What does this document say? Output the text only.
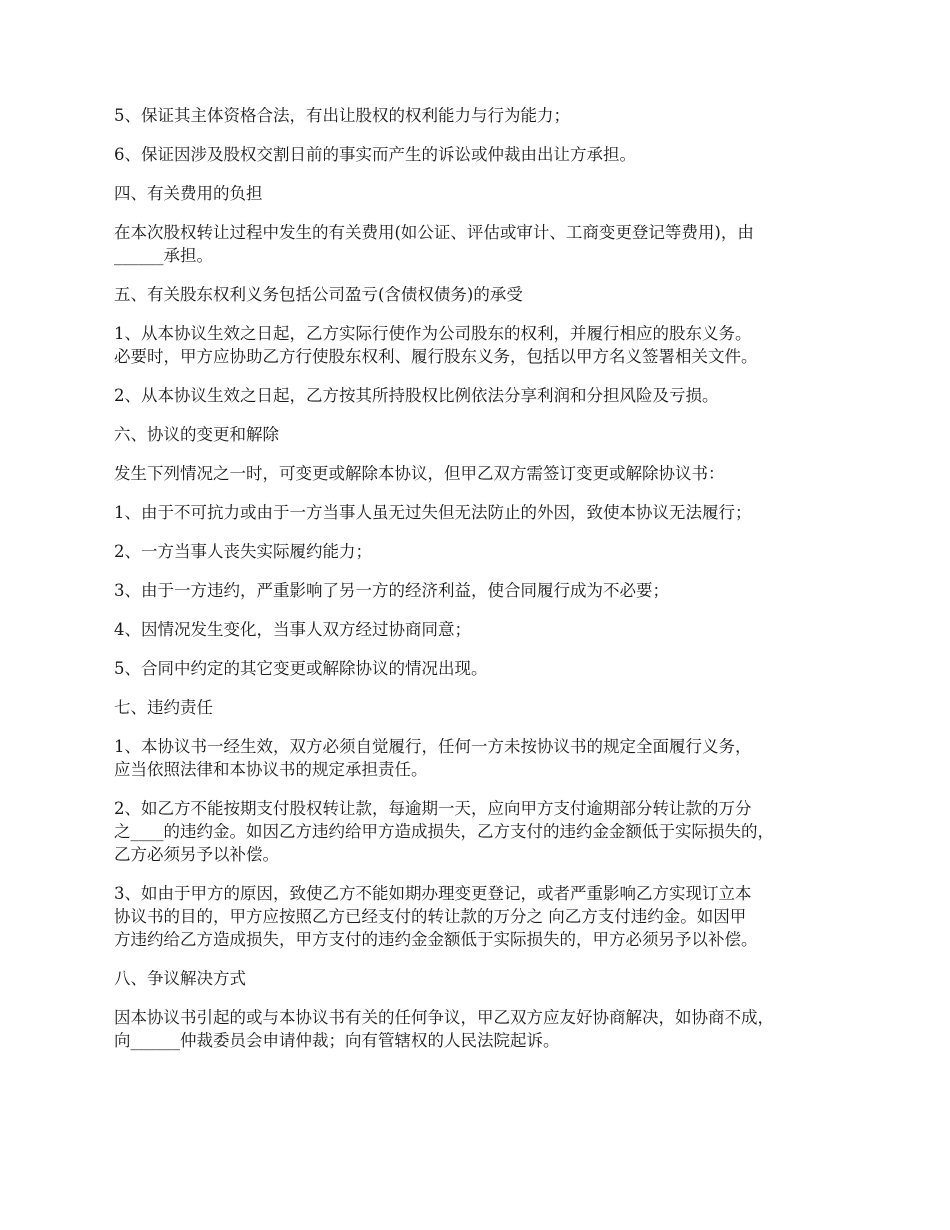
5、保证其主体资格合法，有出让股权的权利能力与行为能力；

6、保证因涉及股权交割日前的事实而产生的诉讼或仲裁由出让方承担。

四、有关费用的负担

在本次股权转让过程中发生的有关费用(如公证、评估或审计、工商变更登记等费用)，由
______承担。

五、有关股东权利义务包括公司盈亏(含债权债务)的承受

1、从本协议生效之日起，乙方实际行使作为公司股东的权利，并履行相应的股东义务。
必要时，甲方应协助乙方行使股东权利、履行股东义务，包括以甲方名义签署相关文件。

2、从本协议生效之日起，乙方按其所持股权比例依法分享利润和分担风险及亏损。

六、协议的变更和解除

发生下列情况之一时，可变更或解除本协议，但甲乙双方需签订变更或解除协议书：

1、由于不可抗力或由于一方当事人虽无过失但无法防止的外因，致使本协议无法履行；

2、一方当事人丧失实际履约能力；

3、由于一方违约，严重影响了另一方的经济利益，使合同履行成为不必要；

4、因情况发生变化，当事人双方经过协商同意；

5、合同中约定的其它变更或解除协议的情况出现。

七、违约责任

1、本协议书一经生效，双方必须自觉履行，任何一方未按协议书的规定全面履行义务，
应当依照法律和本协议书的规定承担责任。

2、如乙方不能按期支付股权转让款，每逾期一天，应向甲方支付逾期部分转让款的万分
之____的违约金。如因乙方违约给甲方造成损失，乙方支付的违约金金额低于实际损失的，
乙方必须另予以补偿。

3、如由于甲方的原因，致使乙方不能如期办理变更登记，或者严重影响乙方实现订立本
协议书的目的，甲方应按照乙方已经支付的转让款的万分之 向乙方支付违约金。如因甲
方违约给乙方造成损失，甲方支付的违约金金额低于实际损失的，甲方必须另予以补偿。

八、争议解决方式

因本协议书引起的或与本协议书有关的任何争议，甲乙双方应友好协商解决，如协商不成，
向______仲裁委员会申请仲裁；向有管辖权的人民法院起诉。
